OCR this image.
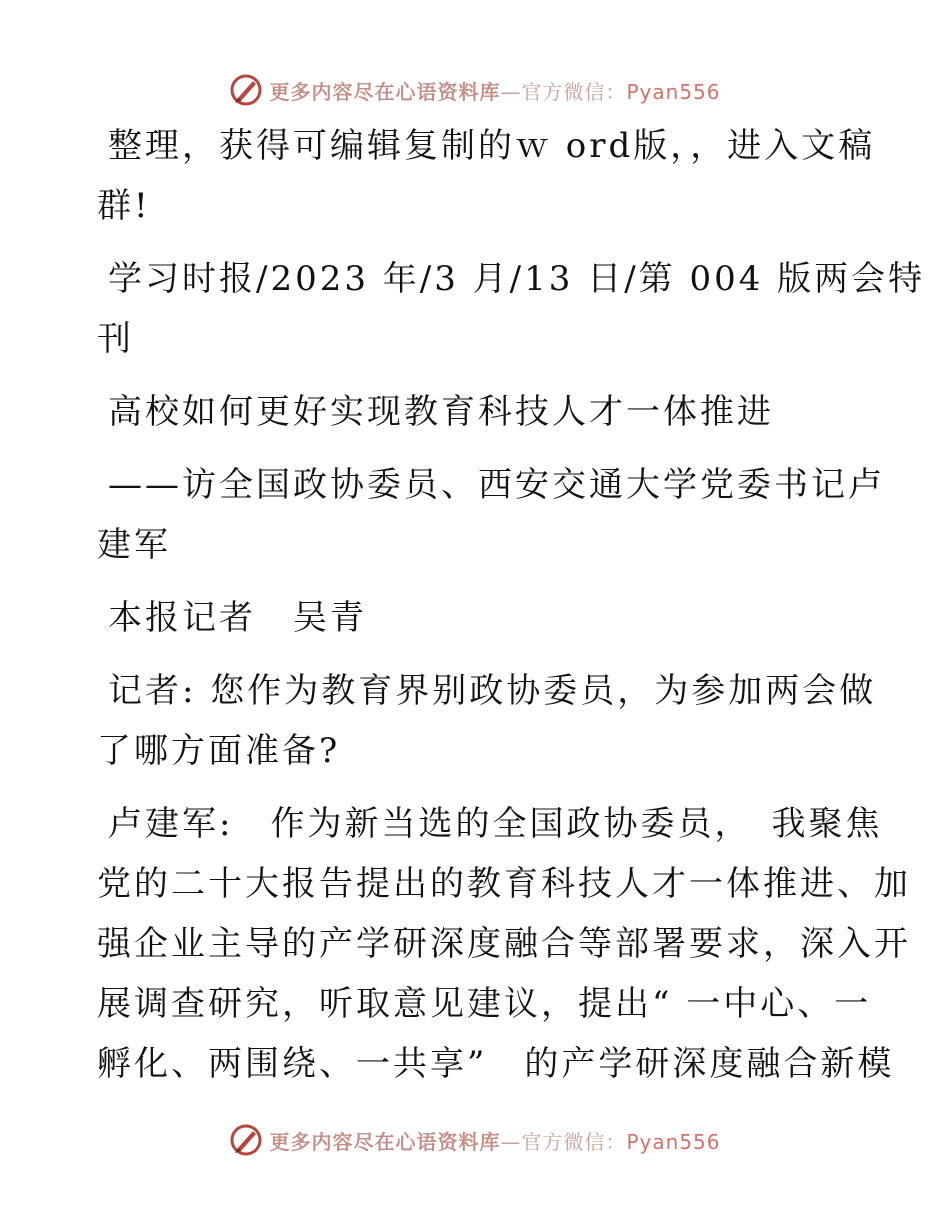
更多内容尽在心语资料库—官方微信：Pyan556
整理，获得可编辑复制的ｗ ord版，，进入文稿
群!
学习时报/2023 年/3 月/13 日/第 004 版两会特
刊
高校如何更好实现教育科技人才一体推进
——访全国政协委员、西安交通大学党委书记卢
建军
本报记者　吴青
记者: 您作为教育界别政协委员，为参加两会做
了哪方面准备?
卢建军:　作为新当选的全国政协委员，　我聚焦
党的二十大报告提出的教育科技人才一体推进、加
强企业主导的产学研深度融合等部署要求，深入开
展调查研究，听取意见建议，提出“ 一中心、一
孵化、两围绕、一共享”　的产学研深度融合新模
更多内容尽在心语资料库—官方微信：Pyan556
